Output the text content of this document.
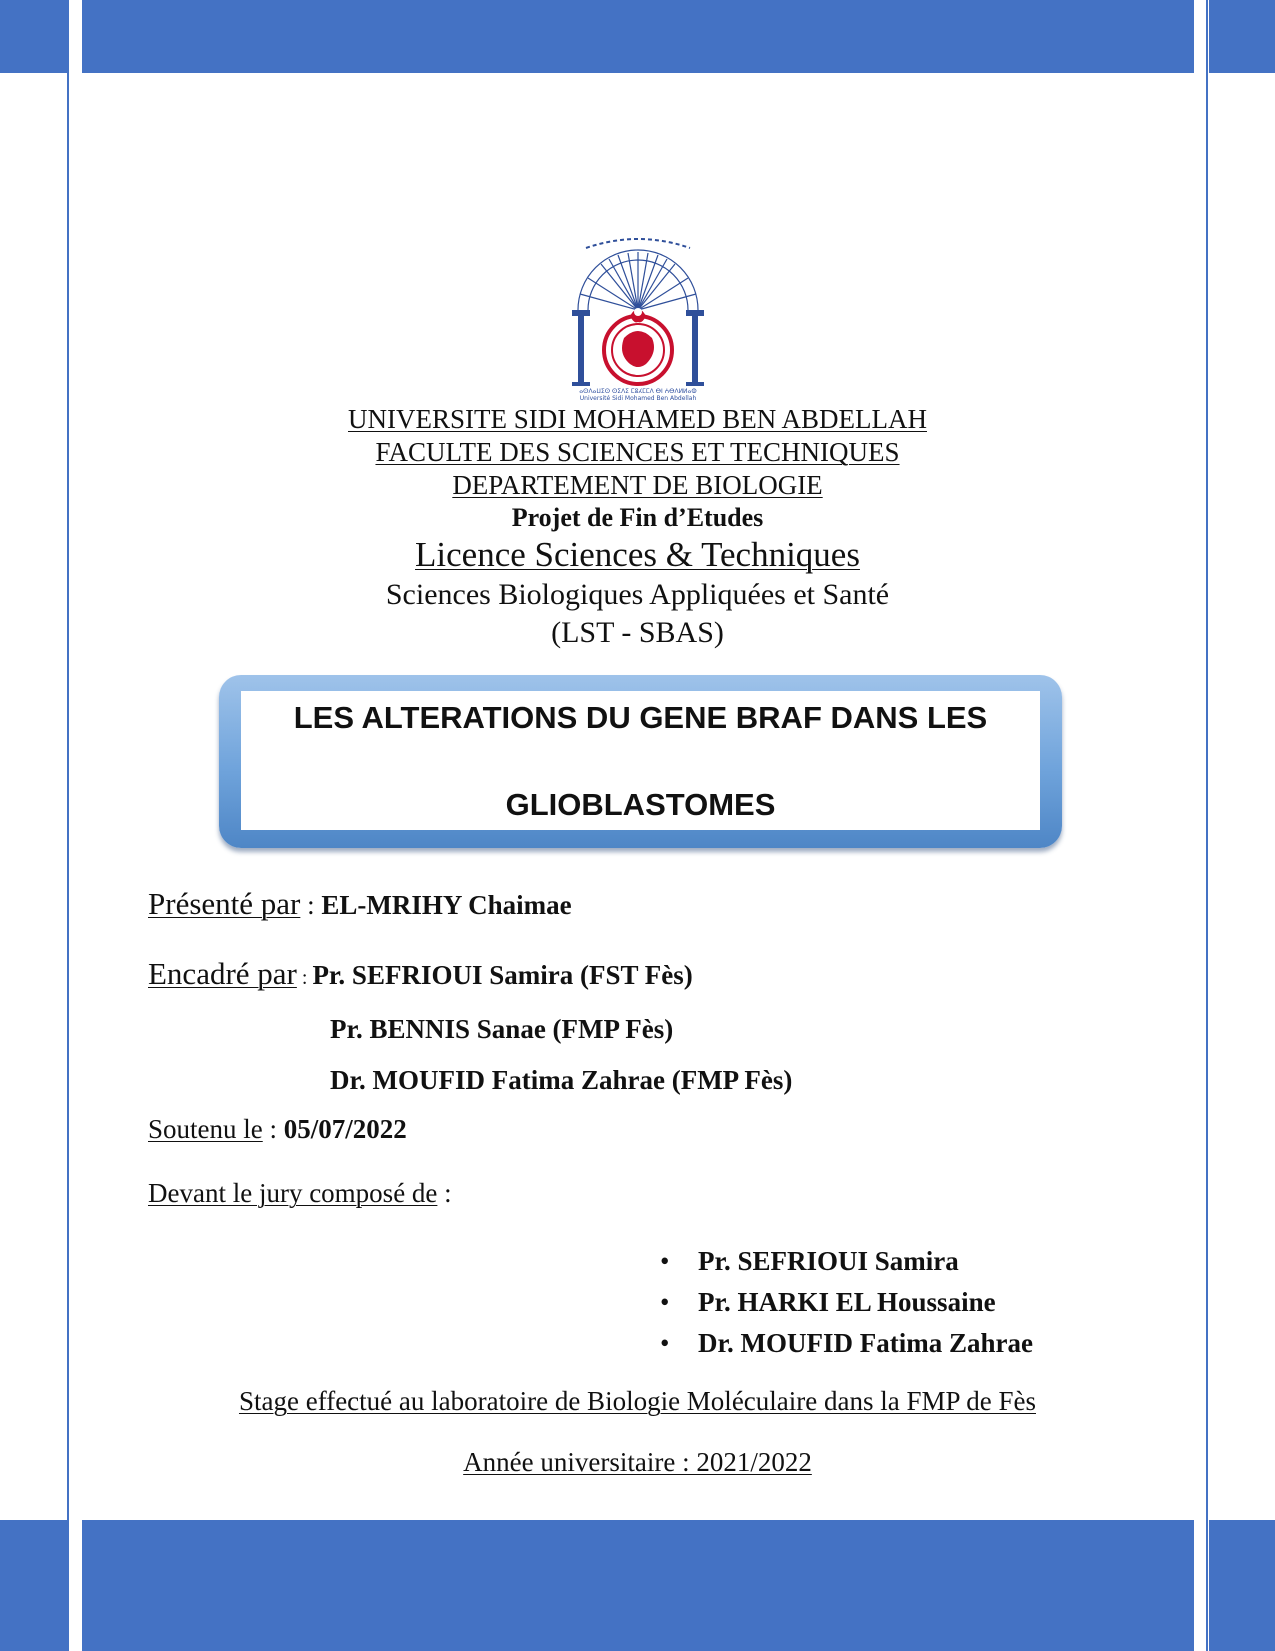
ⴰⵙⴷⴰⵡⵉⵙ ⵙⵉⴷⵉ ⵎⵓⵃⵎⵎⴷ ⴱⵏ ⵄⴱⴷⵍⵍⴰⵀ
Université Sidi Mohamed Ben Abdellah
UNIVERSITE SIDI MOHAMED BEN ABDELLAH
FACULTE DES SCIENCES ET TECHNIQUES
DEPARTEMENT DE BIOLOGIE
Projet de Fin d’Etudes
Licence Sciences & Techniques
Sciences Biologiques Appliquées et Santé
(LST - SBAS)
LES ALTERATIONS DU GENE BRAF DANS LES
GLIOBLASTOMES
Présenté par : EL-MRIHY Chaimae
Encadré par : Pr. SEFRIOUI Samira (FST Fès)
Pr. BENNIS Sanae (FMP Fès)
Dr. MOUFID Fatima Zahrae (FMP Fès)
Soutenu le : 05/07/2022
Devant le jury composé de :
• Pr. SEFRIOUI Samira
• Pr. HARKI EL Houssaine
• Dr. MOUFID Fatima Zahrae
Stage effectué au laboratoire de Biologie Moléculaire dans la FMP de Fès
Année universitaire : 2021/2022
